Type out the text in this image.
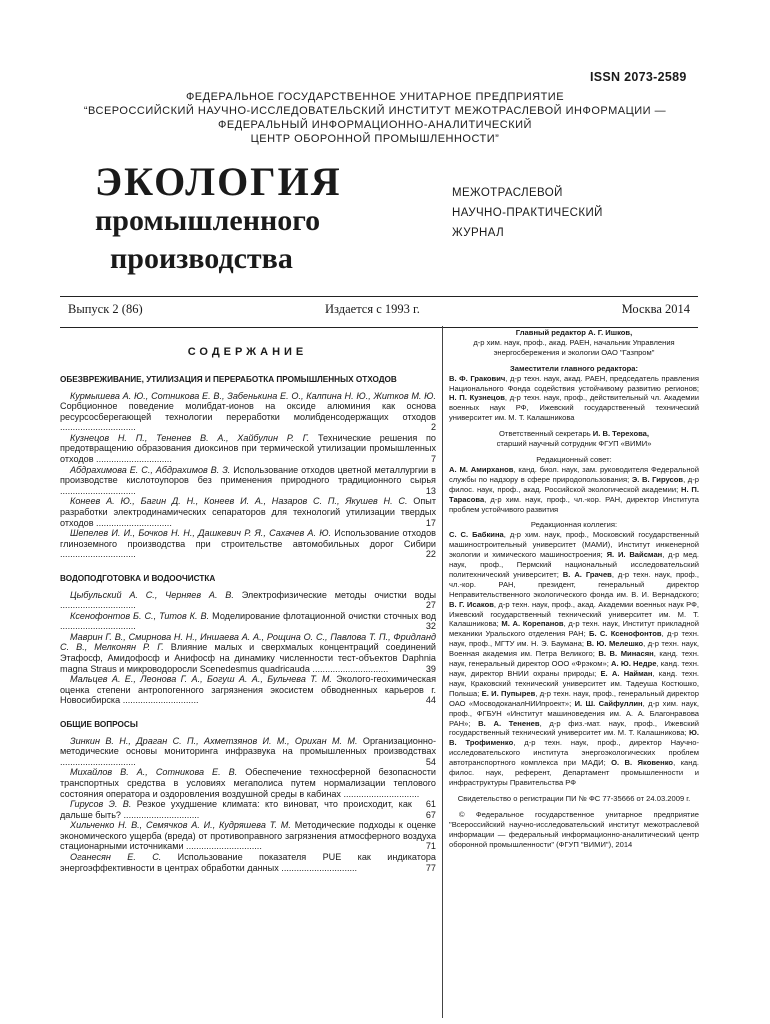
ISSN 2073-2589
ФЕДЕРАЛЬНОЕ ГОСУДАРСТВЕННОЕ УНИТАРНОЕ ПРЕДПРИЯТИЕ
“ВСЕРОССИЙСКИЙ НАУЧНО-ИССЛЕДОВАТЕЛЬСКИЙ ИНСТИТУТ МЕЖОТРАСЛЕВОЙ ИНФОРМАЦИИ —
ФЕДЕРАЛЬНЫЙ ИНФОРМАЦИОННО-АНАЛИТИЧЕСКИЙ
ЦЕНТР ОБОРОННОЙ ПРОМЫШЛЕННОСТИ”
ЭКОЛОГИЯ
промышленного
производства
МЕЖОТРАСЛЕВОЙ
НАУЧНО-ПРАКТИЧЕСКИЙ
ЖУРНАЛ
Выпуск 2 (86)	Издается с 1993 г.	Москва 2014
СОДЕРЖАНИЕ
ОБЕЗВРЕЖИВАНИЕ, УТИЛИЗАЦИЯ И ПЕРЕРАБОТКА ПРОМЫШЛЕННЫХ ОТХОДОВ
Курмышева А. Ю., Сотникова Е. В., Забенькина Е. О., Калпина Н. Ю., Житков М. Ю. Сорбционное поведение молибдат-ионов на оксиде алюминия как основа ресурсосберегающей технологии переработки молибденсодержащих отходов ..............................	2
Кузнецов Н. П., Тененев В. А., Хайбулин Р. Г. Технические решения по предотвращению образования диоксинов при термической утилизации промышленных отходов ..............................	7
Абдрахимова Е. С., Абдрахимов В. З. Использование отходов цветной металлургии в производстве кислотоупоров без применения природного традиционного сырья ..............................	13
Конеев А. Ю., Багин Д. Н., Конеев И. А., Назаров С. П., Якушев Н. С. Опыт разработки электродинамических сепараторов для технологий утилизации твердых отходов ..............................	17
Шепелев И. И., Бочков Н. Н., Дашкевич Р. Я., Сахачев А. Ю. Использование отходов глиноземного производства при строительстве автомобильных дорог Сибири ..............................	22
ВОДОПОДГОТОВКА И ВОДООЧИСТКА
Цыбульский А. С., Черняев А. В. Электрофизические методы очистки воды ..............................	27
Ксенофонтов Б. С., Титов К. В. Моделирование флотационной очистки сточных вод ..............................	32
Маврин Г. В., Смирнова Н. Н., Иншаева А. А., Рощина О. С., Павлова Т. П., Фридланд С. В., Мелконян Р. Г. Влияние малых и сверхмалых концентраций соединений Этафосф, Амидофосф и Анифосф на динамику численности тест-объектов Daphnia magna Straus и микроводоросли Scenedesmus quadricauda ..............................	39
Мальцев А. Е., Леонова Г. А., Богуш А. А., Бульчева Т. М. Эколого-геохимическая оценка степени антропогенного загрязнения экосистем обводненных карьеров г. Новосибирска ..............................	44
ОБЩИЕ ВОПРОСЫ
Зинкин В. Н., Драган С. П., Ахметзянов И. М., Орихан М. М. Организационно-методические основы мониторинга инфразвука на промышленных производствах ..............................	54
Михайлов В. А., Сотникова Е. В. Обеспечение техносферной безопасности транспортных средства в условиях мегаполиса путем нормализации теплового состояния оператора и оздоровления воздушной среды в кабинах ..............................
61
Гирусов Э. В. Резкое ухудшение климата: кто виноват, что происходит, как дальше быть? ..............................	67
Хильченко Н. В., Семячков А. И., Кудряшева Т. М. Методические подходы к оценке экономического ущерба (вреда) от противоправного загрязнения атмосферного воздуха стационарными источниками ..............................	71
Оганесян Е. С. Использование показателя PUE как индикатора энергоэффективности в центрах обработки данных ..............................	77
Главный редактор А. Г. Ишков,
д-р хим. наук, проф., акад. РАЕН, начальник Управления энергосбережения и экологии ОАО "Газпром"
Заместители главного редактора:
В. Ф. Гракович, д-р техн. наук, акад. РАЕН, председатель правления Национального Фонда содействия устойчивому развитию регионов; Н. П. Кузнецов, д-р техн. наук, проф., действительный чл. Академии военных наук РФ, Ижевский государственный технический университет им. М. Т. Калашникова
Ответственный секретарь И. В. Терехова,
старший научный сотрудник ФГУП «ВИМИ»
Редакционный совет:
А. М. Амирханов, канд. биол. наук, зам. руководителя Федеральной службы по надзору в сфере природопользования; Э. В. Гирусов, д-р филос. наук, проф., акад. Российской экологической академии; Н. П. Тарасова, д-р хим. наук, проф., чл.-кор. РАН, директор Института проблем устойчивого развития
Редакционная коллегия:
С. С. Бабкина, д-р хим. наук, проф., Московский государственный машиностроительный университет (МАМИ), Институт инженерной экологии и химического машиностроения; Я. И. Вайсман, д-р мед. наук, проф., Пермский национальный исследовательский политехнический университет; В. А. Грачев, д-р техн. наук, проф., чл.-кор. РАН, президент, генеральный директор Неправительственного экологического фонда им. В. И. Вернадского; В. Г. Исаков, д-р техн. наук, проф., акад. Академии военных наук РФ, Ижевский государственный технический университет им. М. Т. Калашникова; М. А. Корепанов, д-р техн. наук, Институт прикладной механики Уральского отделения РАН; Б. С. Ксенофонтов, д-р техн. наук, проф., МГТУ им. Н. Э. Баумана; В. Ю. Мелешко, д-р техн. наук, Военная академия им. Петра Великого; В. В. Минасян, канд. техн. наук, генеральный директор ООО «Фрэком»; А. Ю. Недре, канд. техн. наук, директор ВНИИ охраны природы; Е. А. Найман, канд. техн. наук, Краковский технический университет им. Тадеуша Костюшко, Польша; Е. И. Пупырев, д-р техн. наук, проф., генеральный директор ОАО «МосводоканалНИИпроект»; И. Ш. Сайфуллин, д-р хим. наук, проф., ФГБУН «Институт машиноведения им. А. А. Благонравова РАН»; В. А. Тененев, д-р физ.-мат. наук, проф., Ижевский государственный технический университет им. М. Т. Калашникова; Ю. В. Трофименко, д-р техн. наук, проф., директор Научно-исследовательского института энергоэкологических проблем автотранспортного комплекса при МАДИ; О. В. Яковенко, канд. филос. наук, референт, Департамент промышленности и инфраструктуры Правительства РФ
Свидетельство о регистрации ПИ № ФС 77-35666 от 24.03.2009 г.
© Федеральное государственное унитарное предприятие "Всероссийский научно-исследовательский институт межотраслевой информации — федеральный информационно-аналитический центр оборонной промышленности" (ФГУП "ВИМИ"), 2014
